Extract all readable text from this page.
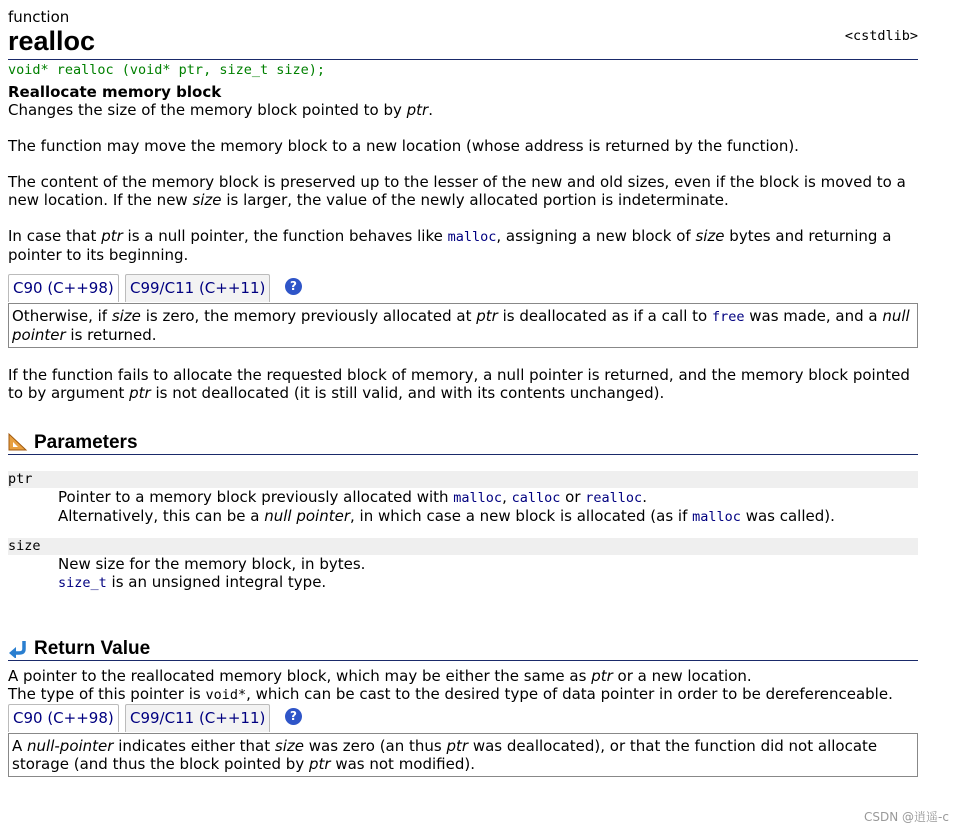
function
realloc	<cstdlib>
void* realloc (void* ptr, size_t size);
Reallocate memory block

Changes the size of the memory block pointed to by ptr.

The function may move the memory block to a new location (whose address is returned by the function).

The content of the memory block is preserved up to the lesser of the new and old sizes, even if the block is moved to a new location. If the new size is larger, the value of the newly allocated portion is indeterminate.

In case that ptr is a null pointer, the function behaves like malloc, assigning a new block of size bytes and returning a pointer to its beginning.

C90 (C++98)	C99/C11 (C++11)	?
Otherwise, if size is zero, the memory previously allocated at ptr is deallocated as if a call to free was made, and a null pointer is returned.

If the function fails to allocate the requested block of memory, a null pointer is returned, and the memory block pointed to by argument ptr is not deallocated (it is still valid, and with its contents unchanged).

Parameters
ptr
Pointer to a memory block previously allocated with malloc, calloc or realloc.
Alternatively, this can be a null pointer, in which case a new block is allocated (as if malloc was called).
size
New size for the memory block, in bytes.
size_t is an unsigned integral type.
Return Value

A pointer to the reallocated memory block, which may be either the same as ptr or a new location.

The type of this pointer is void*, which can be cast to the desired type of data pointer in order to be dereferenceable.

C90 (C++98)	C99/C11 (C++11)	?
A null-pointer indicates either that size was zero (an thus ptr was deallocated), or that the function did not allocate storage (and thus the block pointed by ptr was not modified).
CSDN @逍遥-c
